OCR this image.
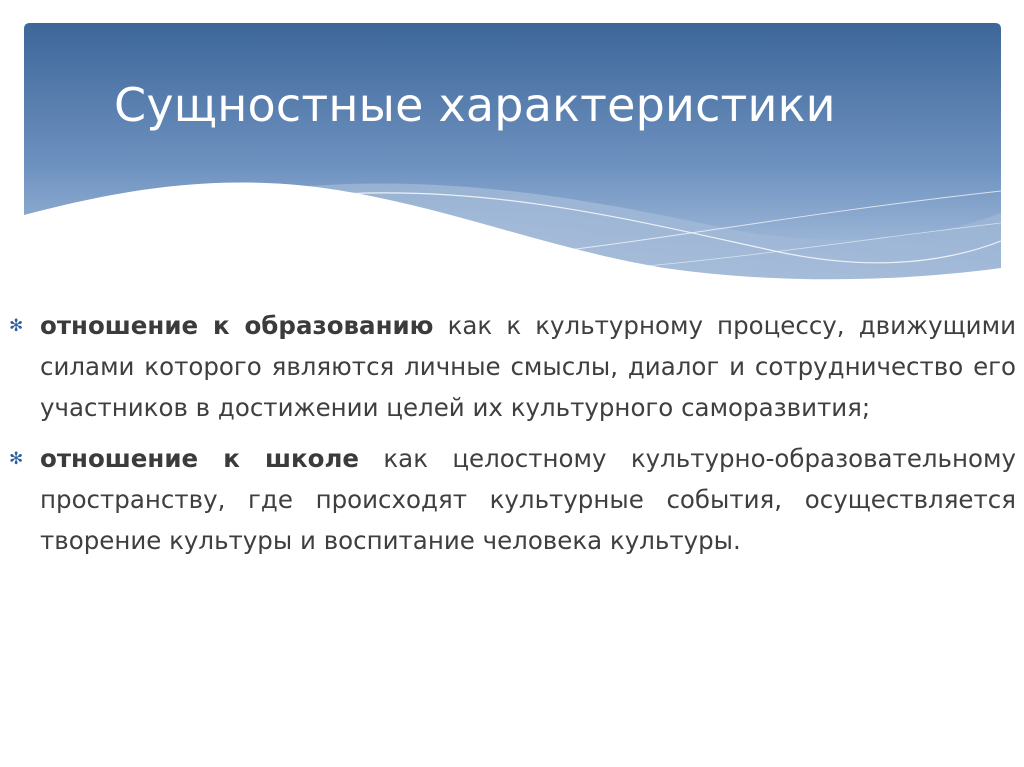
Сущностные характеристики
✻ отношение к образованию как к культурному процессу, движущими силами которого являются личные смыслы, диалог и сотрудничество его участников в достижении целей их культурного саморазвития;

✻ отношение к школе как целостному культурно-образовательному пространству, где происходят культурные события, осуществляется творение культуры и воспитание человека культуры.
